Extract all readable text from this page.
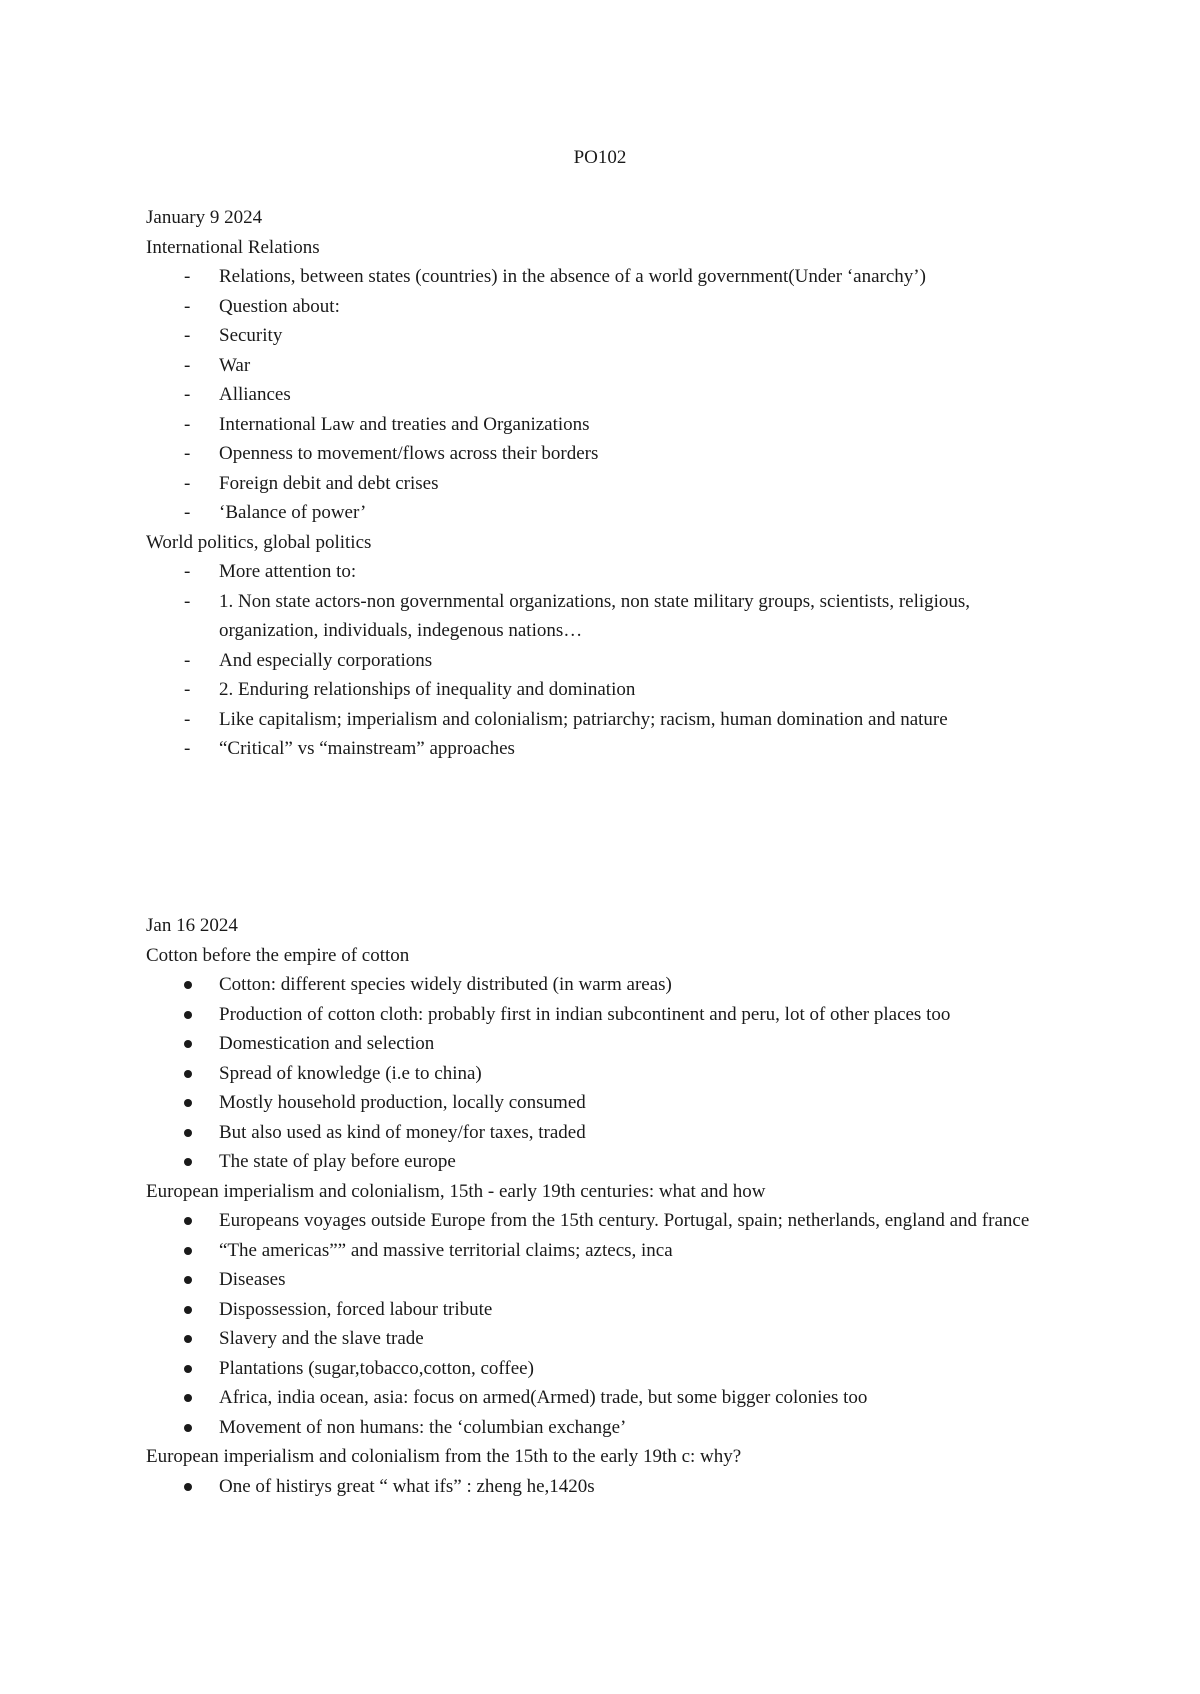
PO102
January 9 2024
International Relations
-
Relations, between states (countries) in the absence of a world government(Under ‘anarchy’)
-
Question about:
-
Security
-
War
-
Alliances
-
International Law and treaties and Organizations
-
Openness to movement/flows across their borders
-
Foreign debit and debt crises
-
‘Balance of power’
World politics, global politics
-
More attention to:
-
1. Non state actors-non governmental organizations, non state military groups, scientists, religious, organization, individuals, indegenous nations…
-
And especially corporations
-
2. Enduring relationships of inequality and domination
-
Like capitalism; imperialism and colonialism; patriarchy; racism, human domination and nature
-
“Critical” vs “mainstream” approaches
Jan 16 2024
Cotton before the empire of cotton
Cotton: different species widely distributed (in warm areas)
Production of cotton cloth: probably first in indian subcontinent and peru, lot of other places too
Domestication and selection
Spread of knowledge (i.e to china)
Mostly household production, locally consumed
But also used as kind of money/for taxes, traded
The state of play before europe
European imperialism and colonialism, 15th - early 19th centuries: what and how
Europeans voyages outside Europe from the 15th century. Portugal, spain; netherlands, england and france
“The americas”” and massive territorial claims; aztecs, inca
Diseases
Dispossession, forced labour tribute
Slavery and the slave trade
Plantations (sugar,tobacco,cotton, coffee)
Africa, india ocean, asia: focus on armed(Armed) trade, but some bigger colonies too
Movement of non humans: the ‘columbian exchange’
European imperialism and colonialism from the 15th to the early 19th c: why?
One of histirys great “ what ifs” : zheng he,1420s
